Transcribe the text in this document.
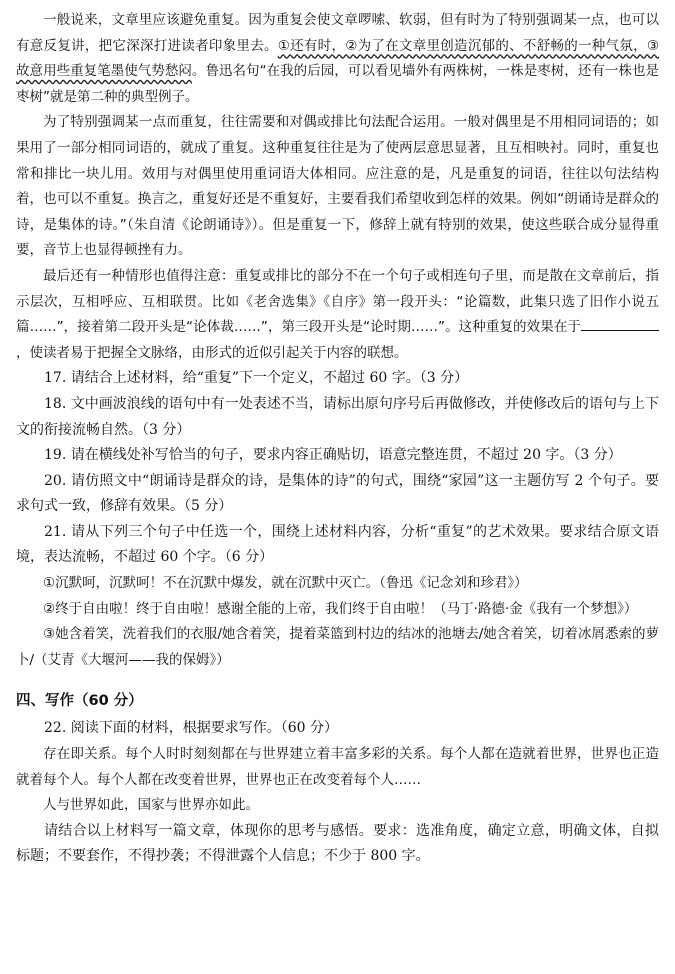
一般说来，文章里应该避免重复。因为重复会使文章啰嗦、软弱，但有时为了特别强调某一点，也可以有意反复讲，把它深深打进读者印象里去。①还有时，②为了在文章里创造沉郁的、不舒畅的一种气氛，③故意用些重复笔墨使气势愁闷。鲁迅名句“在我的后园，可以看见墙外有两株树，一株是枣树，还有一株也是枣树”就是第二种的典型例子。

为了特别强调某一点而重复，往往需要和对偶或排比句法配合运用。一般对偶里是不用相同词语的；如果用了一部分相同词语的，就成了重复。这种重复往往是为了使两层意思显著，且互相映衬。同时，重复也常和排比一块儿用。效用与对偶里使用重词语大体相同。应注意的是，凡是重复的词语，往往以句法结构着，也可以不重复。换言之，重复好还是不重复好，主要看我们希望收到怎样的效果。例如“朗诵诗是群众的诗，是集体的诗。”（朱自清《论朗诵诗》）。但是重复一下，修辞上就有特别的效果，使这些联合成分显得重要，音节上也显得顿挫有力。

最后还有一种情形也值得注意：重复或排比的部分不在一个句子或相连句子里，而是散在文章前后，指示层次，互相呼应、互相联贯。比如《老舍选集》《自序》第一段开头：“论篇数，此集只选了旧作小说五篇……”，接着第二段开头是“论体裁……”，第三段开头是“论时期……”。这种重复的效果在于，使读者易于把握全文脉络，由形式的近似引起关于内容的联想。

17. 请结合上述材料，给“重复”下一个定义，不超过 60 字。（3 分）

18. 文中画波浪线的语句中有一处表述不当，请标出原句序号后再做修改，并使修改后的语句与上下文的衔接流畅自然。（3 分）

19. 请在横线处补写恰当的句子，要求内容正确贴切，语意完整连贯，不超过 20 字。（3 分）

20. 请仿照文中“朗诵诗是群众的诗，是集体的诗”的句式，围绕“家园”这一主题仿写 2 个句子。要求句式一致，修辞有效果。（5 分）

21. 请从下列三个句子中任选一个，围绕上述材料内容，分析“重复”的艺术效果。要求结合原文语境，表达流畅，不超过 60 个字。（6 分）

①沉默呵，沉默呵！不在沉默中爆发，就在沉默中灭亡。（鲁迅《记念刘和珍君》）

②终于自由啦！终于自由啦！感谢全能的上帝，我们终于自由啦！（马丁·路德·金《我有一个梦想》）

③她含着笑，洗着我们的衣服/她含着笑，提着菜篮到村边的结冰的池塘去/她含着笑，切着冰屑悉索的萝卜/（艾青《大堰河——我的保姆》）

四、写作（60 分）

22. 阅读下面的材料，根据要求写作。（60 分）

存在即关系。每个人时时刻刻都在与世界建立着丰富多彩的关系。每个人都在造就着世界，世界也正造就着每个人。每个人都在改变着世界，世界也正在改变着每个人……

人与世界如此，国家与世界亦如此。

请结合以上材料写一篇文章，体现你的思考与感悟。要求：选准角度，确定立意，明确文体，自拟标题；不要套作，不得抄袭；不得泄露个人信息；不少于 800 字。
